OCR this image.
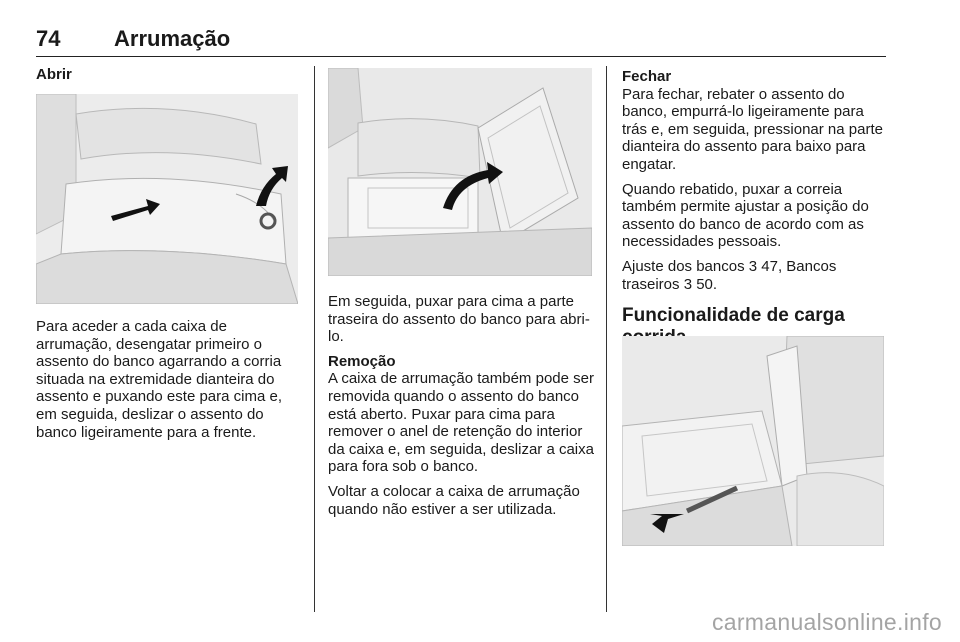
74 Arrumação
Abrir

Para aceder a cada caixa de arrumação, desengatar primeiro o assento do banco agarrando a corria situada na extremidade dianteira do assento e puxando este para cima e, em seguida, deslizar o assento do banco ligeiramente para a frente.

Em seguida, puxar para cima a parte traseira do assento do banco para abri-lo.

Remoção

A caixa de arrumação também pode ser removida quando o assento do banco está aberto. Puxar para cima para remover o anel de retenção do interior da caixa e, em seguida, deslizar a caixa para fora sob o banco.

Voltar a colocar a caixa de arrumação quando não estiver a ser utilizada.

Fechar

Para fechar, rebater o assento do banco, empurrá-lo ligeiramente para trás e, em seguida, pressionar na parte dianteira do assento para baixo para engatar.

Quando rebatido, puxar a correia também permite ajustar a posição do assento do banco de acordo com as necessidades pessoais.

Ajuste dos bancos 3 47, Bancos traseiros 3 50.

Funcionalidade de carga
carmanualsonline.info
